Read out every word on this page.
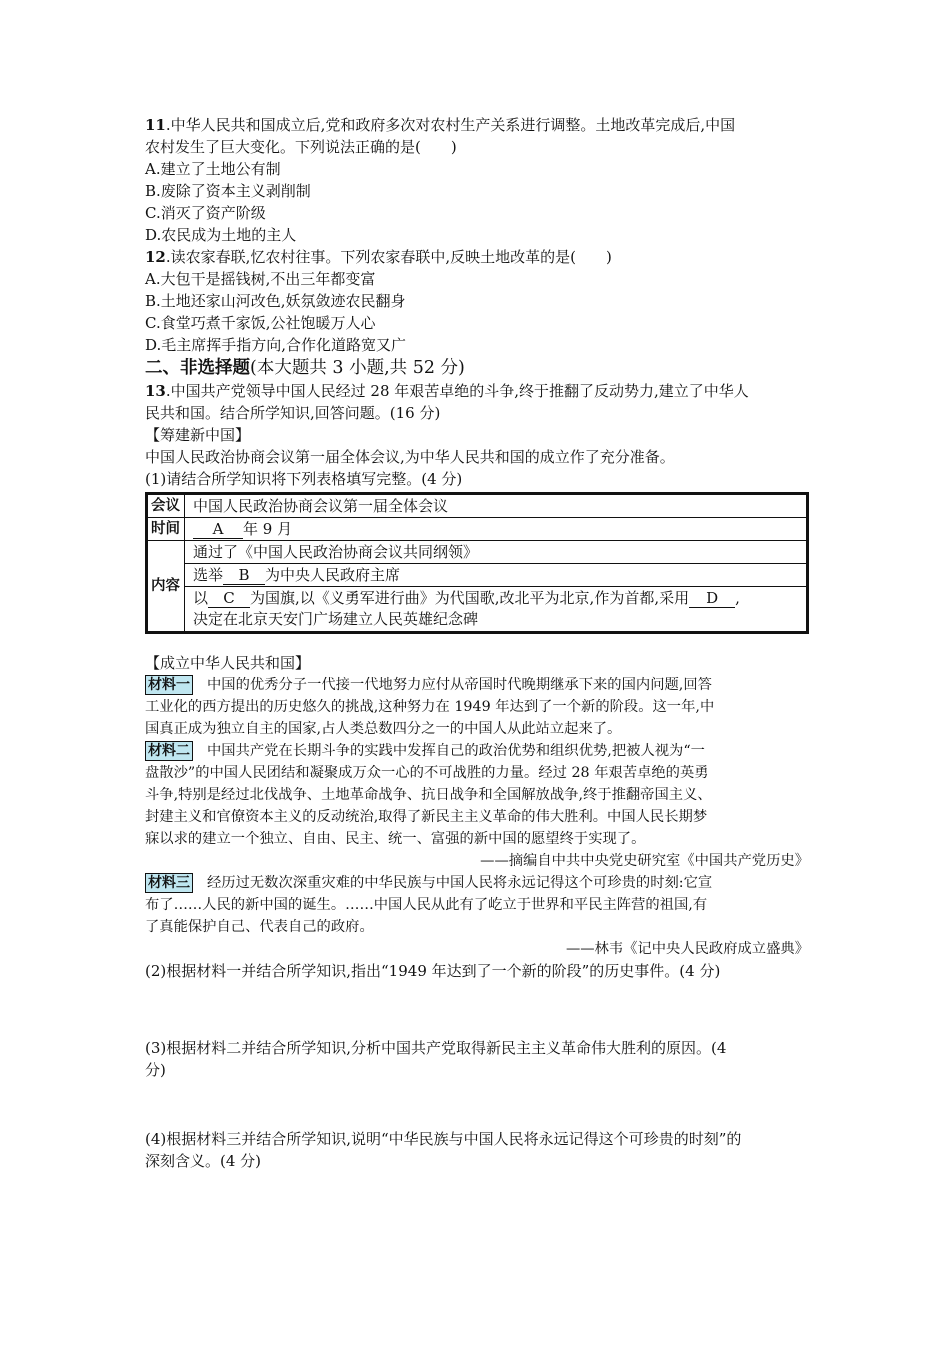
11.中华人民共和国成立后,党和政府多次对农村生产关系进行调整。土地改革完成后,中国

农村发生了巨大变化。下列说法正确的是(　　)

A.建立了土地公有制

B.废除了资本主义剥削制

C.消灭了资产阶级

D.农民成为土地的主人

12.读农家春联,忆农村往事。下列农家春联中,反映土地改革的是(　　)

A.大包干是摇钱树,不出三年都变富

B.土地还家山河改色,妖氛敛迹农民翻身

C.食堂巧煮千家饭,公社饱暖万人心

D.毛主席挥手指方向,合作化道路宽又广

二、非选择题(本大题共 3 小题,共 52 分)

13.中国共产党领导中国人民经过 28 年艰苦卓绝的斗争,终于推翻了反动势力,建立了中华人

民共和国。结合所学知识,回答问题。(16 分)

【筹建新中国】

中国人民政治协商会议第一届全体会议,为中华人民共和国的成立作了充分准备。

(1)请结合所学知识将下列表格填写完整。(4 分)

会议	中国人民政治协商会议第一届全体会议
时间	A 年 9 月
内容	通过了《中国人民政治协商会议共同纲领》
	选举 B 为中央人民政府主席
	以 C 为国旗,以《义勇军进行曲》为代国歌,改北平为北京,作为首都,采用 D ,
决定在北京天安门广场建立人民英雄纪念碑

【成立中华人民共和国】

材料一 中国的优秀分子一代接一代地努力应付从帝国时代晚期继承下来的国内问题,回答

工业化的西方提出的历史悠久的挑战,这种努力在 1949 年达到了一个新的阶段。这一年,中

国真正成为独立自主的国家,占人类总数四分之一的中国人从此站立起来了。

材料二 中国共产党在长期斗争的实践中发挥自己的政治优势和组织优势,把被人视为“一

盘散沙”的中国人民团结和凝聚成万众一心的不可战胜的力量。经过 28 年艰苦卓绝的英勇

斗争,特别是经过北伐战争、土地革命战争、抗日战争和全国解放战争,终于推翻帝国主义、

封建主义和官僚资本主义的反动统治,取得了新民主主义革命的伟大胜利。中国人民长期梦

寐以求的建立一个独立、自由、民主、统一、富强的新中国的愿望终于实现了。

——摘编自中共中央党史研究室《中国共产党历史》

材料三 经历过无数次深重灾难的中华民族与中国人民将永远记得这个可珍贵的时刻:它宣

布了……人民的新中国的诞生。……中国人民从此有了屹立于世界和平民主阵营的祖国,有

了真能保护自己、代表自己的政府。

——林韦《记中央人民政府成立盛典》

(2)根据材料一并结合所学知识,指出“1949 年达到了一个新的阶段”的历史事件。(4 分)

(3)根据材料二并结合所学知识,分析中国共产党取得新民主主义革命伟大胜利的原因。(4

分)

(4)根据材料三并结合所学知识,说明“中华民族与中国人民将永远记得这个可珍贵的时刻”的

深刻含义。(4 分)
